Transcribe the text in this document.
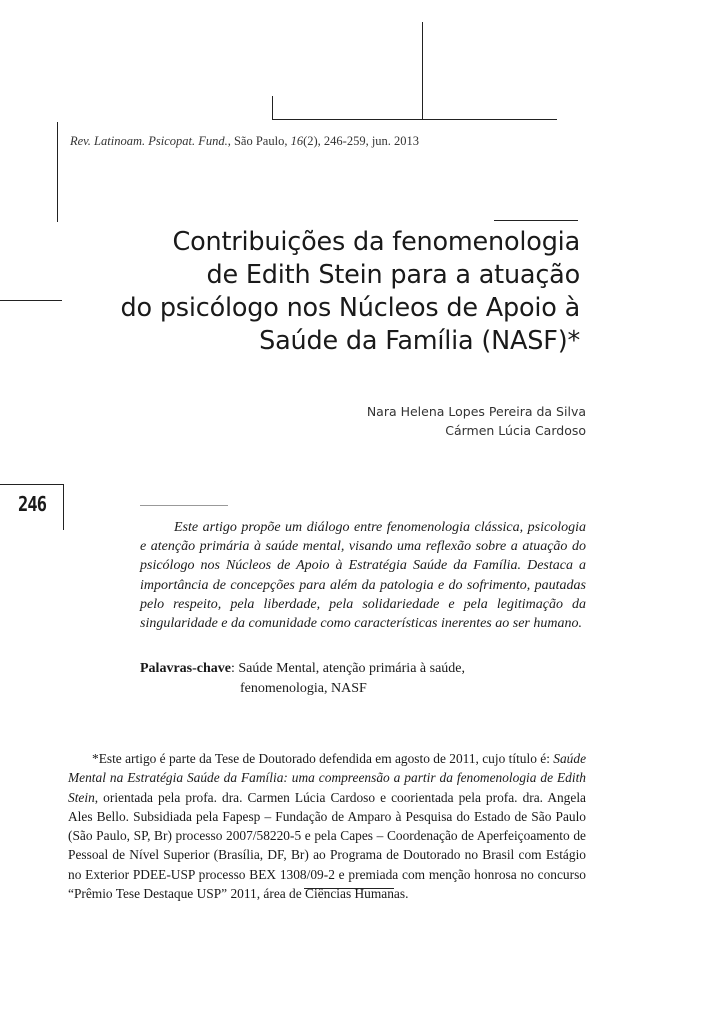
Rev. Latinoam. Psicopat. Fund., São Paulo, 16(2), 246-259, jun. 2013
Contribuições da fenomenologia
de Edith Stein para a atuação
do psicólogo nos Núcleos de Apoio à
Saúde da Família (NASF)*
Nara Helena Lopes Pereira da Silva
Cármen Lúcia Cardoso
246
Este artigo propõe um diálogo entre fenomenologia clássica, psicologia e atenção primária à saúde mental, visando uma reflexão sobre a atuação do psicólogo nos Núcleos de Apoio à Estratégia Saúde da Família. Destaca a importância de concepções para além da patologia e do sofrimento, pautadas pelo respeito, pela liberdade, pela solidariedade e pela legitimação da singularidade e da comunidade como características inerentes ao ser humano.
Palavras-chave: Saúde Mental, atenção primária à saúde,
fenomenologia, NASF
*Este artigo é parte da Tese de Doutorado defendida em agosto de 2011, cujo título é: Saúde Mental na Estratégia Saúde da Família: uma compreensão a partir da fenomenologia de Edith Stein, orientada pela profa. dra. Carmen Lúcia Cardoso e coorientada pela profa. dra. Angela Ales Bello. Subsidiada pela Fapesp – Fundação de Amparo à Pesquisa do Estado de São Paulo (São Paulo, SP, Br) processo 2007/58220-5 e pela Capes – Coordenação de Aperfeiçoamento de Pessoal de Nível Superior (Brasília, DF, Br) ao Programa de Doutorado no Brasil com Estágio no Exterior PDEE-USP processo BEX 1308/09-2 e premiada com menção honrosa no concurso “Prêmio Tese Destaque USP” 2011, área de Ciências Humanas.
